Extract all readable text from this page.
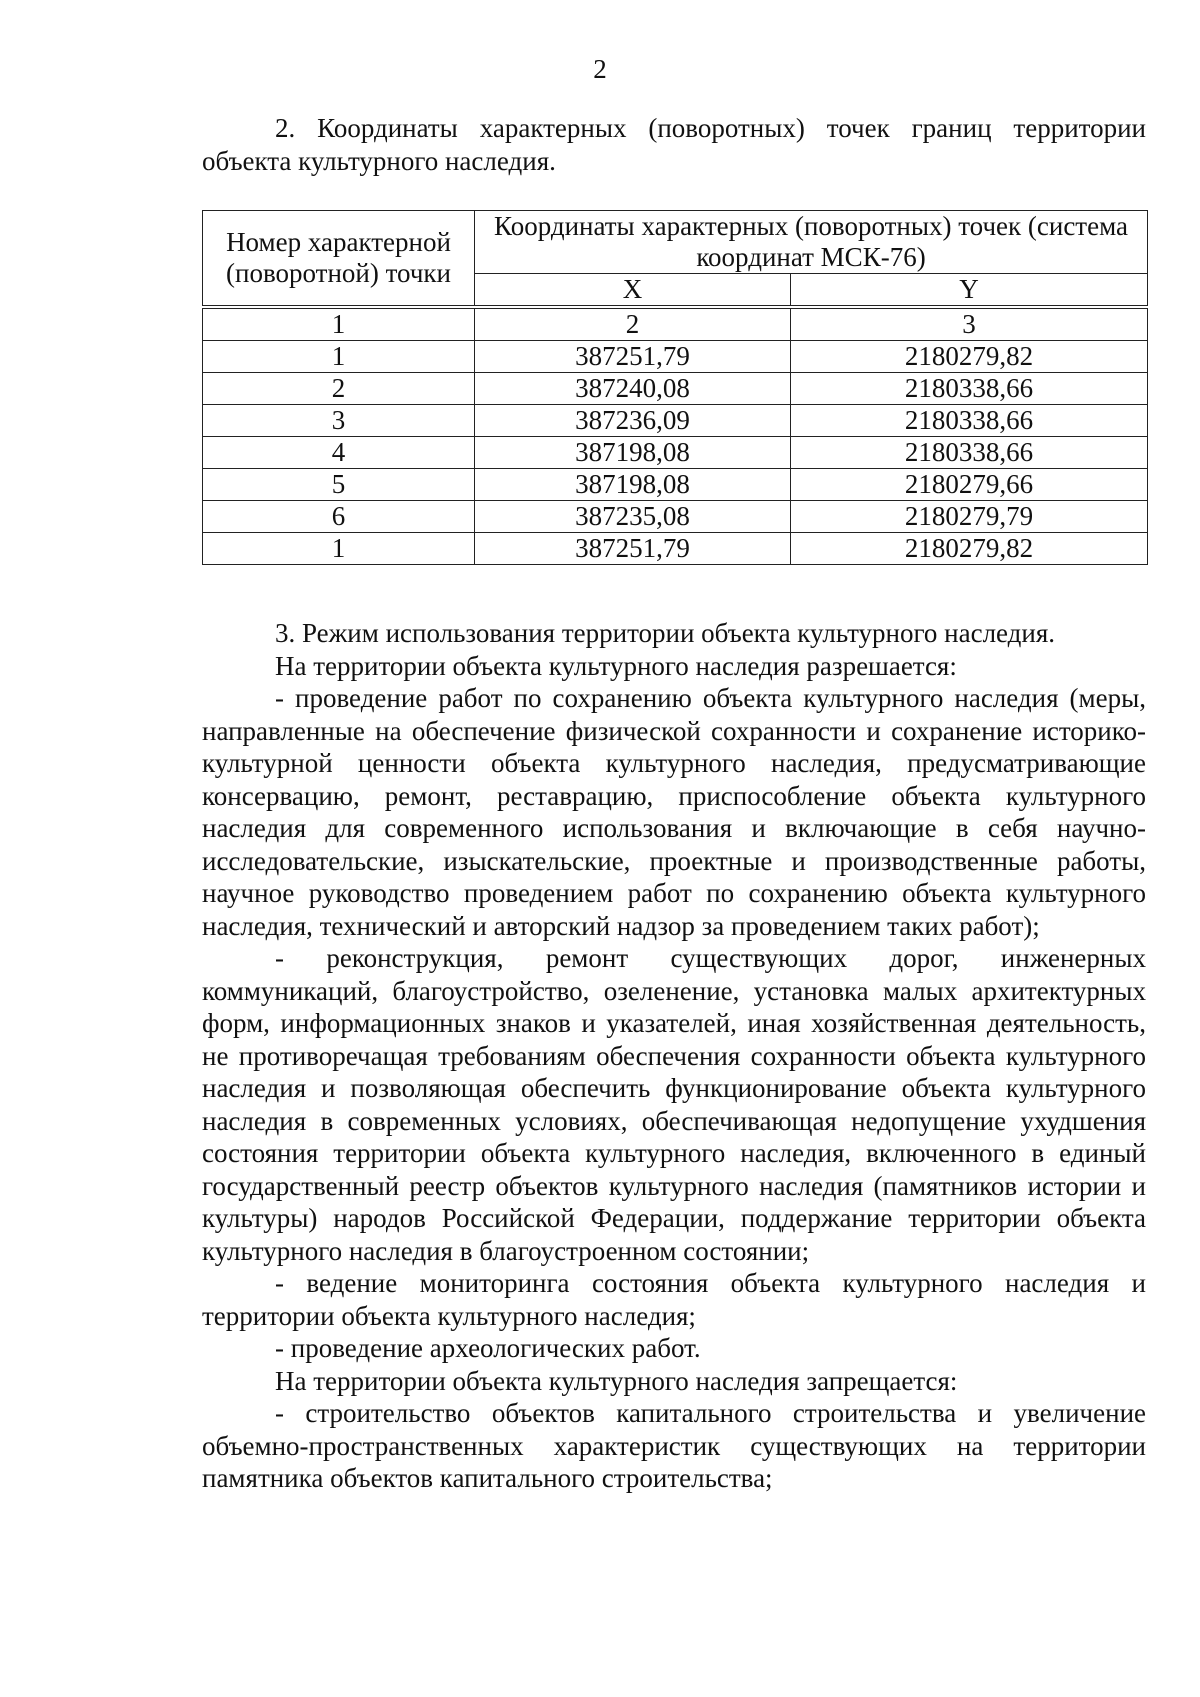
2

2. Координаты характерных (поворотных) точек границ территории объекта культурного наследия.

Номер характерной (поворотной) точки	Координаты характерных (поворотных) точек (система координат МСК-76)	
	X	Y

1	2	3
1	387251,79	2180279,82
2	387240,08	2180338,66
3	387236,09	2180338,66
4	387198,08	2180338,66
5	387198,08	2180279,66
6	387235,08	2180279,79
1	387251,79	2180279,82

3. Режим использования территории объекта культурного наследия.

На территории объекта культурного наследия разрешается:

- проведение работ по сохранению объекта культурного наследия (меры, направленные на обеспечение физической сохранности и сохранение историко-культурной ценности объекта культурного наследия, предусматривающие консервацию, ремонт, реставрацию, приспособление объекта культурного наследия для современного использования и включающие в себя научно-исследовательские, изыскательские, проектные и производственные работы, научное руководство проведением работ по сохранению объекта культурного наследия, технический и авторский надзор за проведением таких работ);

- реконструкция, ремонт существующих дорог, инженерных коммуникаций, благоустройство, озеленение, установка малых архитектурных форм, информационных знаков и указателей, иная хозяйственная деятельность, не противоречащая требованиям обеспечения сохранности объекта культурного наследия и позволяющая обеспечить функционирование объекта культурного наследия в современных условиях, обеспечивающая недопущение ухудшения состояния территории объекта культурного наследия, включенного в единый государственный реестр объектов культурного наследия (памятников истории и культуры) народов Российской Федерации, поддержание территории объекта культурного наследия в благоустроенном состоянии;

- ведение мониторинга состояния объекта культурного наследия и территории объекта культурного наследия;

- проведение археологических работ.

На территории объекта культурного наследия запрещается:

- строительство объектов капитального строительства и увеличение объемно-пространственных характеристик существующих на территории памятника объектов капитального строительства;
